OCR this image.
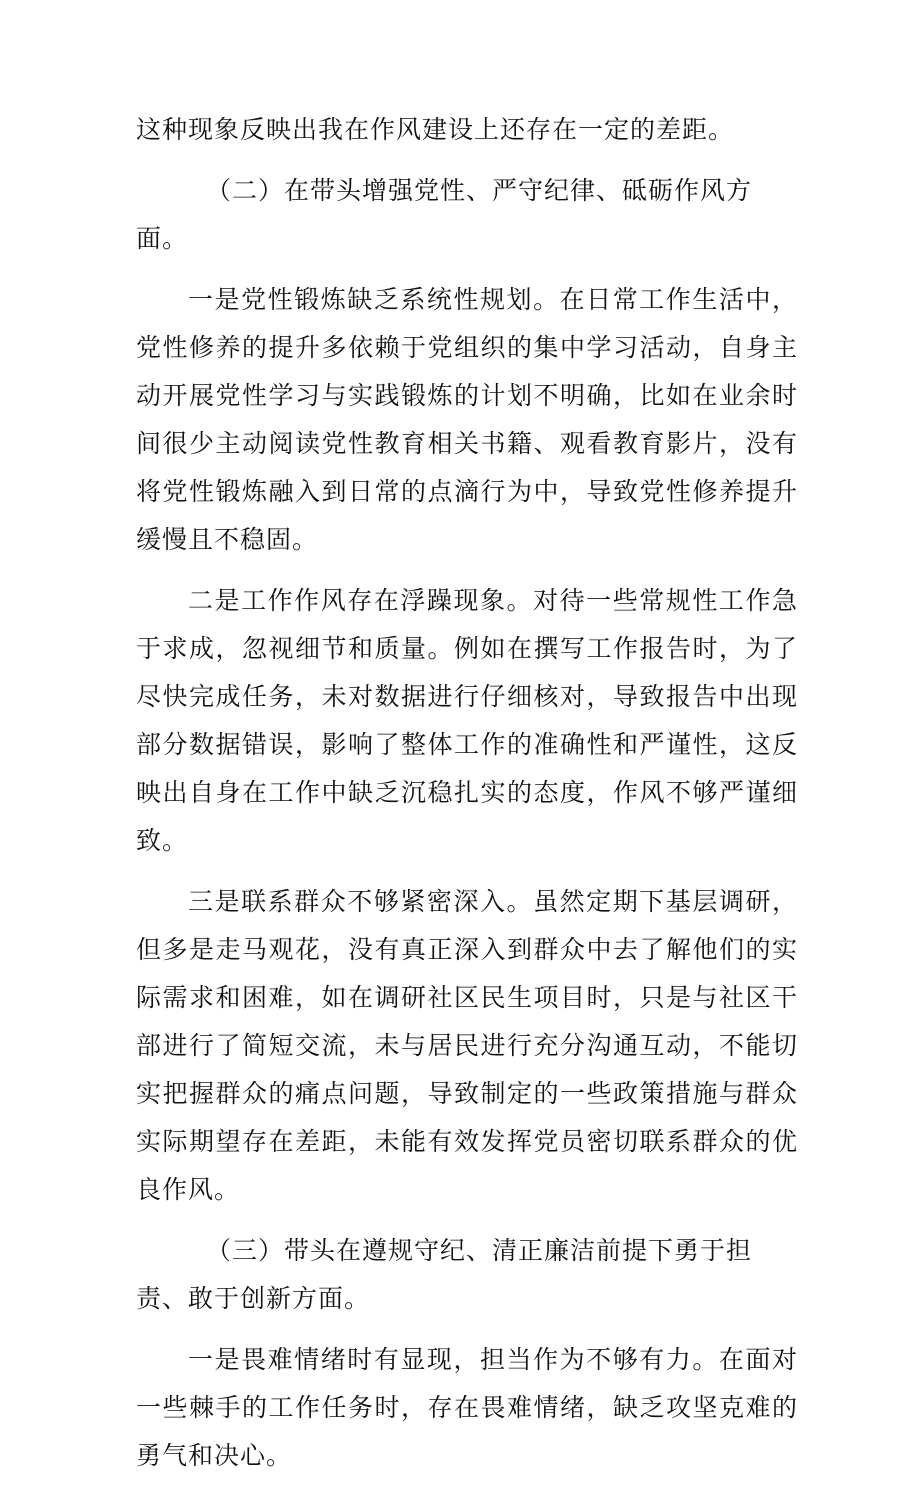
这种现象反映出我在作风建设上还存在一定的差距。

（二）在带头增强党性、严守纪律、砥砺作风方面。

一是党性锻炼缺乏系统性规划。在日常工作生活中，党性修养的提升多依赖于党组织的集中学习活动，自身主动开展党性学习与实践锻炼的计划不明确，比如在业余时间很少主动阅读党性教育相关书籍、观看教育影片，没有将党性锻炼融入到日常的点滴行为中，导致党性修养提升缓慢且不稳固。

二是工作作风存在浮躁现象。对待一些常规性工作急于求成，忽视细节和质量。例如在撰写工作报告时，为了尽快完成任务，未对数据进行仔细核对，导致报告中出现部分数据错误，影响了整体工作的准确性和严谨性，这反映出自身在工作中缺乏沉稳扎实的态度，作风不够严谨细致。

三是联系群众不够紧密深入。虽然定期下基层调研，但多是走马观花，没有真正深入到群众中去了解他们的实际需求和困难，如在调研社区民生项目时，只是与社区干部进行了简短交流，未与居民进行充分沟通互动，不能切实把握群众的痛点问题，导致制定的一些政策措施与群众实际期望存在差距，未能有效发挥党员密切联系群众的优良作风。

（三）带头在遵规守纪、清正廉洁前提下勇于担责、敢于创新方面。

一是畏难情绪时有显现，担当作为不够有力。在面对一些棘手的工作任务时，存在畏难情绪，缺乏攻坚克难的勇气和决心。
